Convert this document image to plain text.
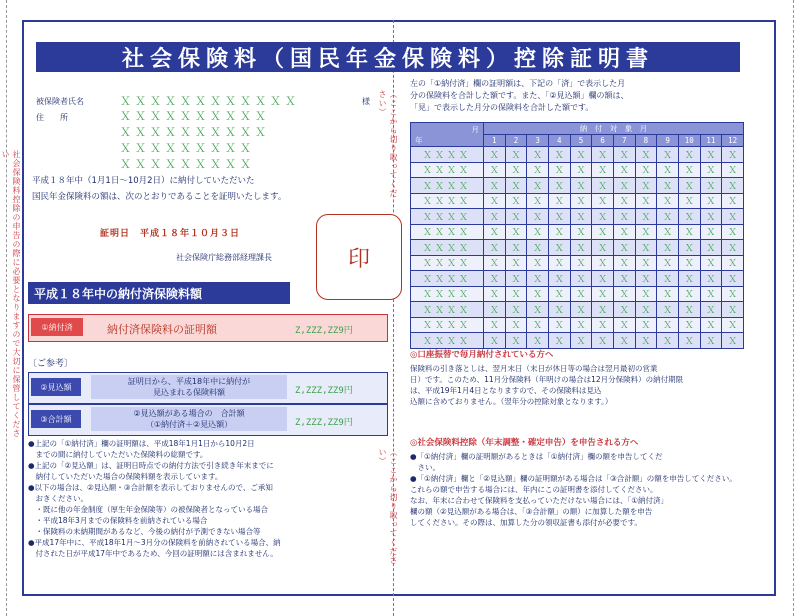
社会保険料（国民年金保険料）控除証明書
社会保険料控除の申告の際に必要となりますので大切に保管してください	（ここから切り取ってください）
（ここから切り取ってください）
被保険者氏名	ＸＸＸＸＸＸＸＸＸＸＸＸ	様
住　　所	ＸＸＸＸＸＸＸＸＸＸ
ＸＸＸＸＸＸＸＸＸＸ
ＸＸＸＸＸＸＸＸＸ
ＸＸＸＸＸＸＸＸＸ
平成１８年中（1月1日～10月2日）に納付していただいた
国民年金保険料の額は、次のとおりであることを証明いたします。
証明日　平成１８年１０月３日
社会保険庁総務部経理課長	印
平成１８年中の納付済保険料額
①納付済	納付済保険料の証明額	Z,ZZZ,ZZ9円
〔ご参考〕
②見込額
証明日から、平成18年中に納付が
見込まれる保険料額	Z,ZZZ,ZZ9円
③合計額
②見込額がある場合の　合計額
（①納付済＋②見込額）	Z,ZZZ,ZZ9円
●上記の「①納付済」欄の証明額は、平成18年1月1日から10月2日
　までの間に納付していただいた保険料の総額です。
●上記の「②見込額」は、証明日時点での納付方法で引き続き年末までに
　納付していただいた場合の保険料額を表示しています。
●以下の場合は、②見込額・③合計額を表示しておりませんので、ご承知
　おきください。
　・既に他の年金制度（厚生年金保険等）の被保険者となっている場合
　・平成18年3月までの保険料を前納されている場合
　・保険料の未納期間があるなど、今後の納付が予測できない場合等
●平成17年中に、平成18年1月～3月分の保険料を前納されている場合、納
　付された日が平成17年中であるため、今回の証明額には含まれません。
左の「①納付済」欄の証明額は、下記の「済」で表示した月
分の保険料を合計した額です。また、「②見込額」欄の額は、
「見」で表示した月分の保険料を合計した額です。
月
年	納　付　対　象　月											
	1	2	3	4	5	6	7	8	9	10	11	12
ＸＸＸＸ	Ｘ	Ｘ	Ｘ	Ｘ	Ｘ	Ｘ	Ｘ	Ｘ	Ｘ	Ｘ	Ｘ	Ｘ
ＸＸＸＸ	Ｘ	Ｘ	Ｘ	Ｘ	Ｘ	Ｘ	Ｘ	Ｘ	Ｘ	Ｘ	Ｘ	Ｘ
ＸＸＸＸ	Ｘ	Ｘ	Ｘ	Ｘ	Ｘ	Ｘ	Ｘ	Ｘ	Ｘ	Ｘ	Ｘ	Ｘ
ＸＸＸＸ	Ｘ	Ｘ	Ｘ	Ｘ	Ｘ	Ｘ	Ｘ	Ｘ	Ｘ	Ｘ	Ｘ	Ｘ
ＸＸＸＸ	Ｘ	Ｘ	Ｘ	Ｘ	Ｘ	Ｘ	Ｘ	Ｘ	Ｘ	Ｘ	Ｘ	Ｘ
ＸＸＸＸ	Ｘ	Ｘ	Ｘ	Ｘ	Ｘ	Ｘ	Ｘ	Ｘ	Ｘ	Ｘ	Ｘ	Ｘ
ＸＸＸＸ	Ｘ	Ｘ	Ｘ	Ｘ	Ｘ	Ｘ	Ｘ	Ｘ	Ｘ	Ｘ	Ｘ	Ｘ
ＸＸＸＸ	Ｘ	Ｘ	Ｘ	Ｘ	Ｘ	Ｘ	Ｘ	Ｘ	Ｘ	Ｘ	Ｘ	Ｘ
ＸＸＸＸ	Ｘ	Ｘ	Ｘ	Ｘ	Ｘ	Ｘ	Ｘ	Ｘ	Ｘ	Ｘ	Ｘ	Ｘ
ＸＸＸＸ	Ｘ	Ｘ	Ｘ	Ｘ	Ｘ	Ｘ	Ｘ	Ｘ	Ｘ	Ｘ	Ｘ	Ｘ
ＸＸＸＸ	Ｘ	Ｘ	Ｘ	Ｘ	Ｘ	Ｘ	Ｘ	Ｘ	Ｘ	Ｘ	Ｘ	Ｘ
ＸＸＸＸ	Ｘ	Ｘ	Ｘ	Ｘ	Ｘ	Ｘ	Ｘ	Ｘ	Ｘ	Ｘ	Ｘ	Ｘ
ＸＸＸＸ	Ｘ	Ｘ	Ｘ	Ｘ	Ｘ	Ｘ	Ｘ	Ｘ	Ｘ	Ｘ	Ｘ	Ｘ
◎口座振替で毎月納付されている方へ
保険料の引き落としは、翌月末日（末日が休日等の場合は翌月最初の営業
日）です。このため、11月分保険料（年明けの場合は12月分保険料）の納付期限
は、平成19年1月4日となりますので、その保険料は見込
込額に含めておりません。（翌年分の控除対象となります。）
◎社会保険料控除（年末調整・確定申告）を申告される方へ
●「①納付済」欄の証明額があるときは「①納付済」欄の額を申告してくだ
　さい。
●「①納付済」欄と「②見込額」欄の証明額がある場合は「③合計額」の額を申告してください。
これらの額で申告する場合には、年内にこの証明書を添付してください。
なお、年末に合わせて保険料を支払っていただけない場合には、「①納付済」
欄の額（②見込額がある場合は、「③合計額」の額）に加算した額を申告
してください。その際は、加算した分の領収証書も添付が必要です。
